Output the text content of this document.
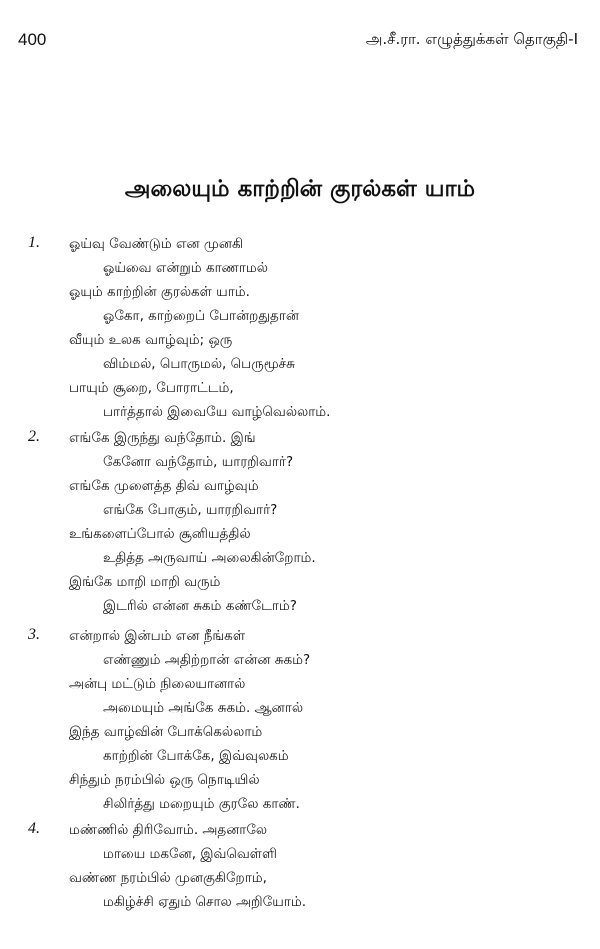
400	அ.சீ.ரா. எழுத்துக்கள் தொகுதி-I
அலையும் காற்றின் குரல்கள் யாம்
1. ஓய்வு வேண்டும் என முனகி
ஓய்வை என்றும் காணாமல்
ஓயும் காற்றின் குரல்கள் யாம்.
ஓகோ, காற்றைப் போன்றதுதான்
வீயும் உலக வாழ்வும்; ஒரு
விம்மல், பொருமல், பெருமூச்சு
பாயும் சூறை, போராட்டம்,
பார்த்தால் இவையே வாழ்வெல்லாம்.
2. எங்கே இருந்து வந்தோம். இங்
கேனோ வந்தோம், யாரறிவார்?
எங்கே முளைத்த திவ் வாழ்வும்
எங்கே போகும், யாரறிவார்?
உங்களைப்போல் சூனியத்தில்
உதித்த அருவாய் அலைகின்றோம்.
இங்கே மாறி மாறி வரும்
இடரில் என்ன சுகம் கண்டோம்?
3. என்றால் இன்பம் என நீங்கள்
எண்ணும் அதிற்றான் என்ன சுகம்?
அன்பு மட்டும் நிலையானால்
அமையும் அங்கே சுகம். ஆனால்
இந்த வாழ்வின் போக்கெல்லாம்
காற்றின் போக்கே, இவ்வுலகம்
சிந்தும் நரம்பில் ஒரு நொடியில்
சிலிர்த்து மறையும் குரலே காண்.
4. மண்ணில் திரிவோம். அதனாலே
மாயை மகனே, இவ்வெள்ளி
வண்ண நரம்பில் முனகுகிறோம்,
மகிழ்ச்சி ஏதும் சொல அறியோம்.
